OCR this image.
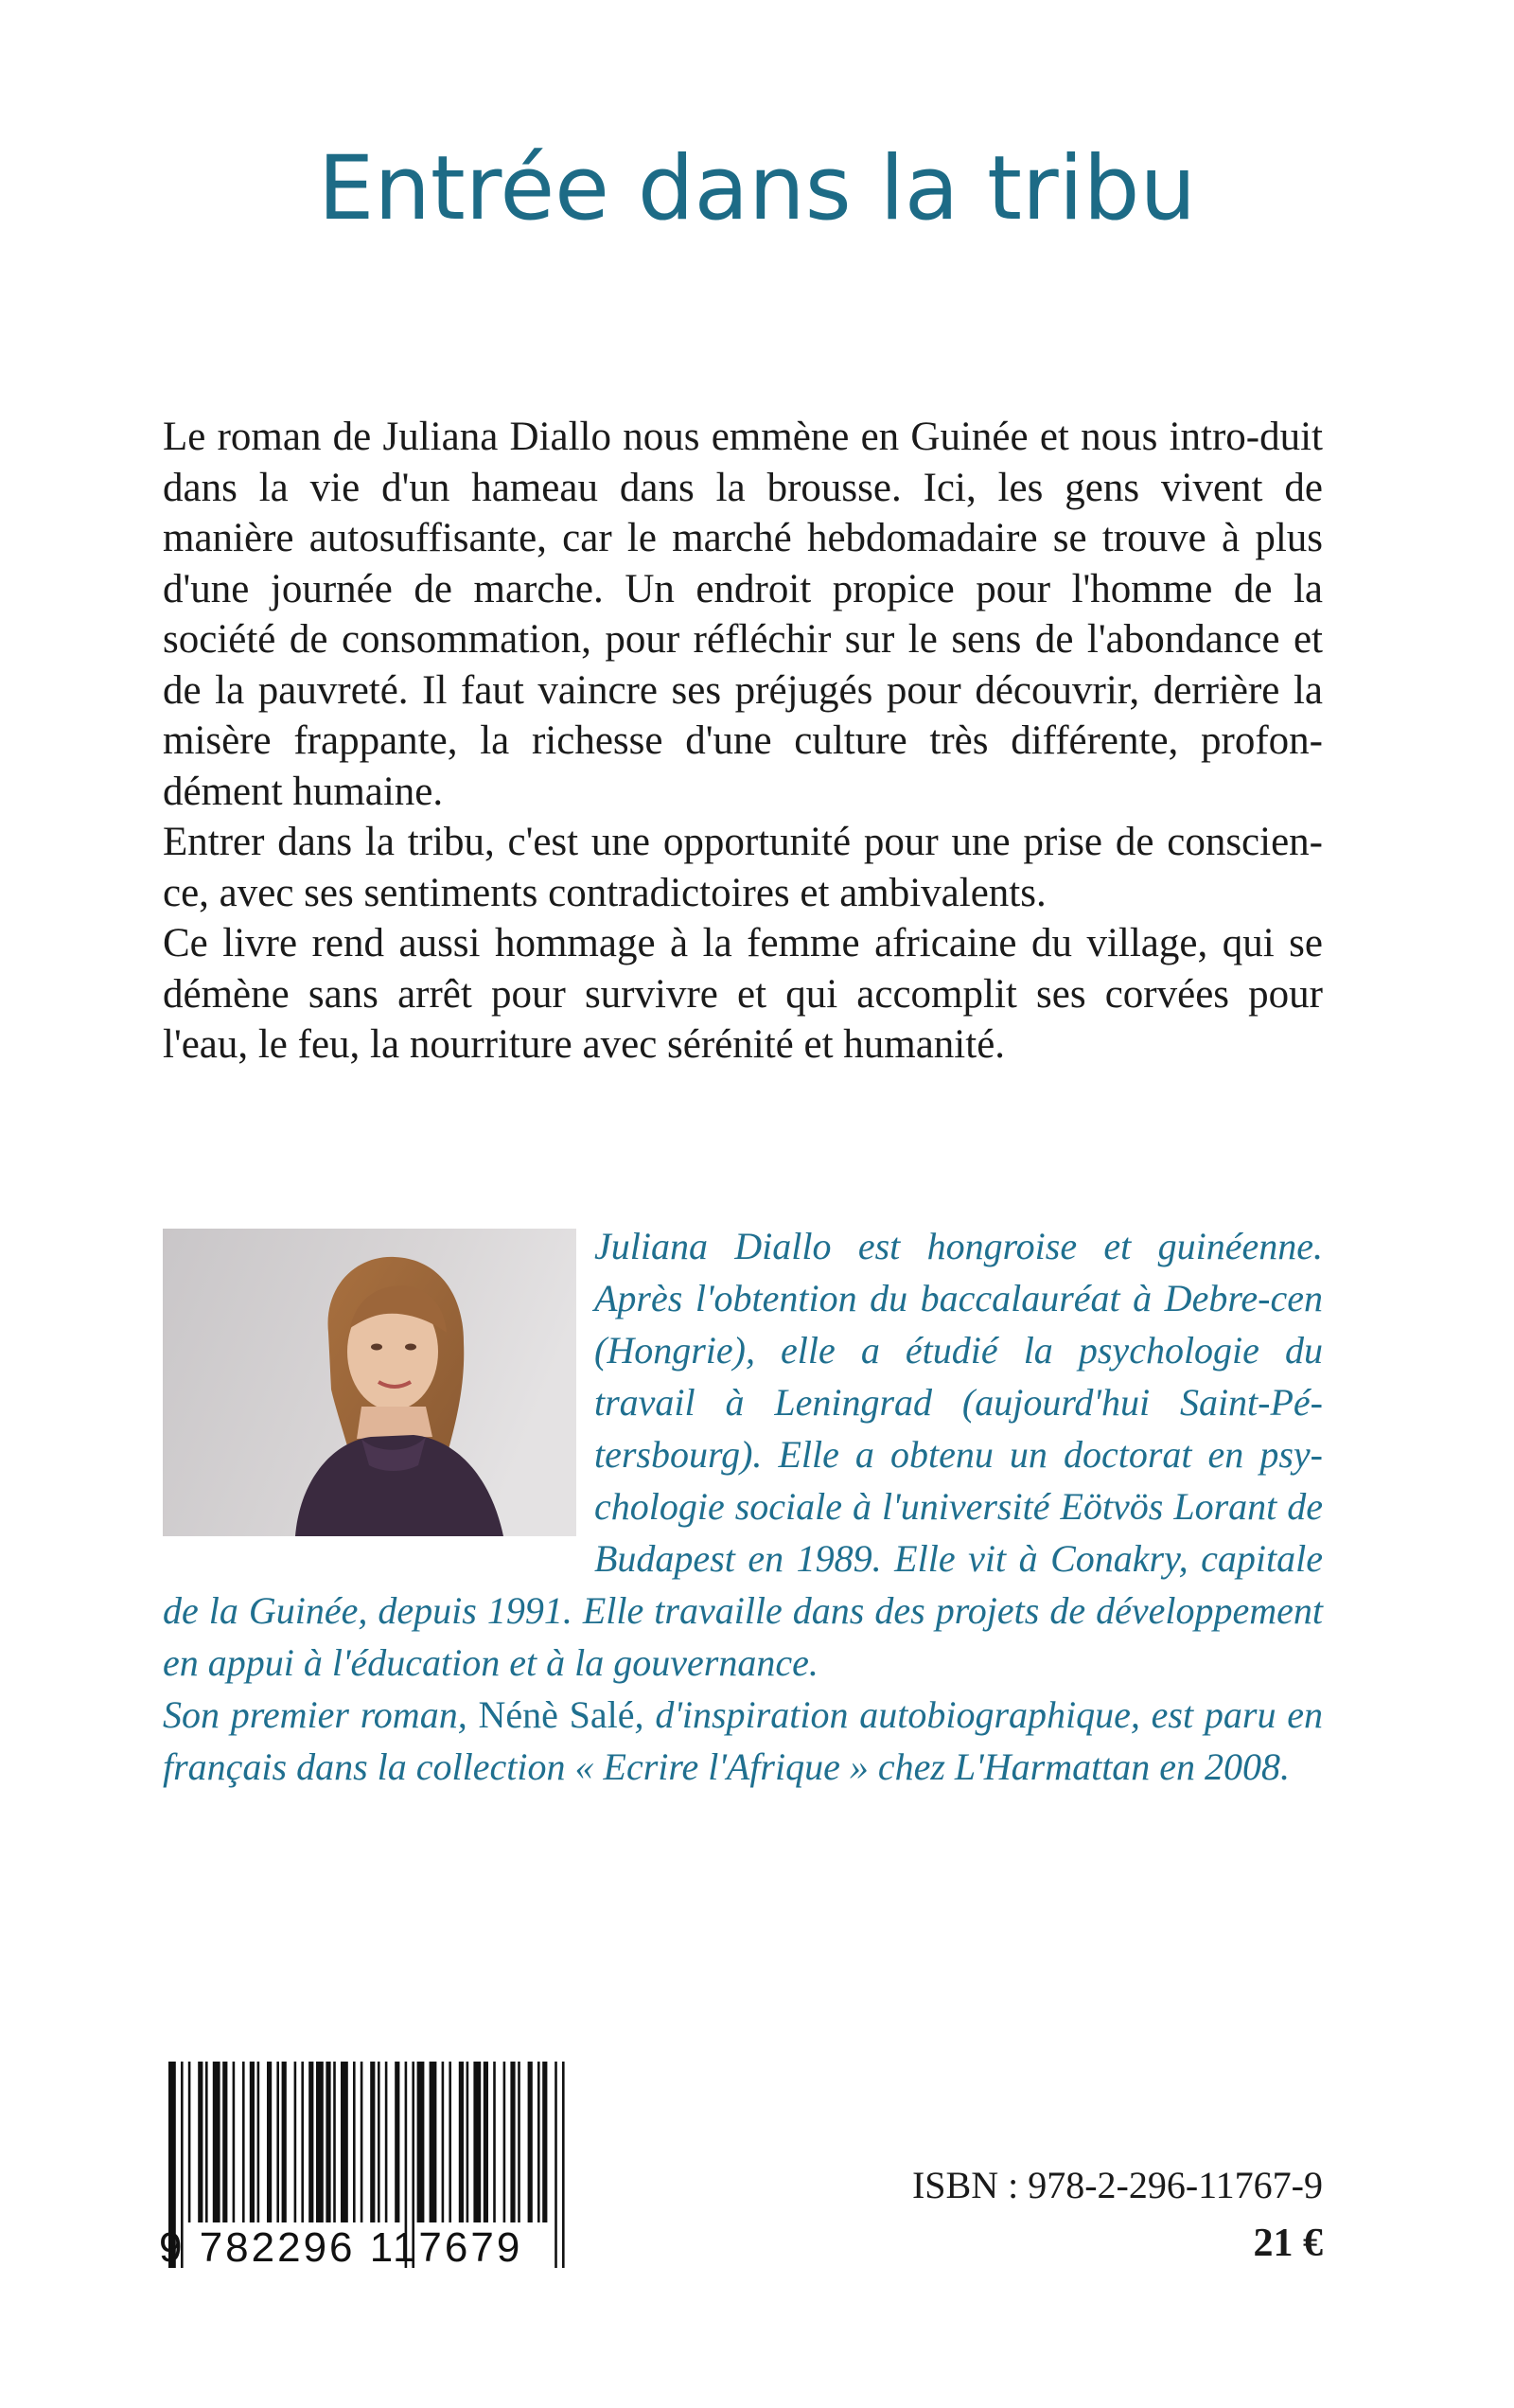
Entrée dans la tribu

Le roman de Juliana Diallo nous emmène en Guinée et nous intro-duit dans la vie d'un hameau dans la brousse. Ici, les gens vivent de manière autosuffisante, car le marché hebdomadaire se trouve à plus d'une journée de marche. Un endroit propice pour l'homme de la société de consommation, pour réfléchir sur le sens de l'abondance et de la pauvreté. Il faut vaincre ses préjugés pour découvrir, derrière la misère frappante, la richesse d'une culture très différente, profon-dément humaine.

Entrer dans la tribu, c'est une opportunité pour une prise de conscien-ce, avec ses sentiments contradictoires et ambivalents.

Ce livre rend aussi hommage à la femme africaine du village, qui se démène sans arrêt pour survivre et qui accomplit ses corvées pour l'eau, le feu, la nourriture avec sérénité et humanité.

Juliana Diallo est hongroise et guinéenne. Après l'obtention du baccalauréat à Debre-cen (Hongrie), elle a étudié la psychologie du travail à Leningrad (aujourd'hui Saint-Pé-tersbourg). Elle a obtenu un doctorat en psy-chologie sociale à l'université Eötvös Lorant de Budapest en 1989. Elle vit à Conakry, capitale de la Guinée, depuis 1991. Elle travaille dans des projets de développement en appui à l'éducation et à la gouvernance.

Son premier roman, Nénè Salé, d'inspiration autobiographique, est paru en français dans la collection « Ecrire l'Afrique » chez L'Harmattan en 2008.

9 782296 117679
ISBN : 978-2-296-11767-9
21 €
